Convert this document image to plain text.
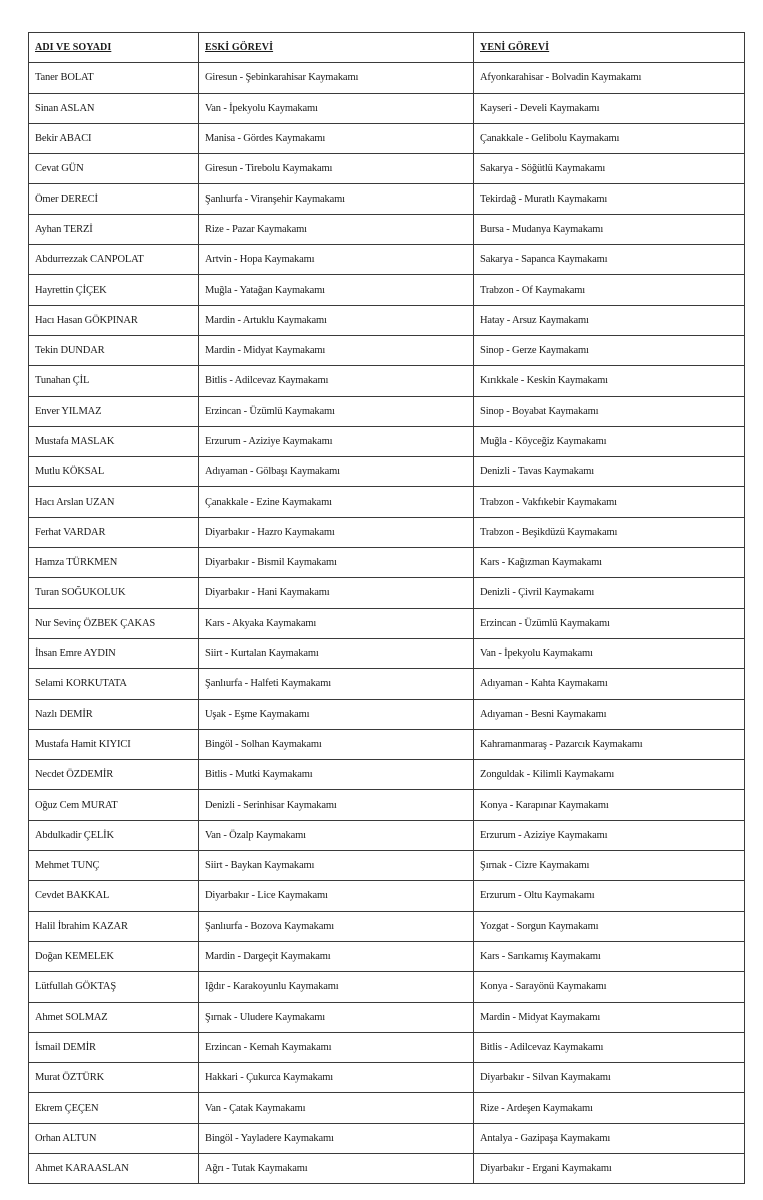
ADI VE SOYADI	ESKİ GÖREVİ	YENİ GÖREVİ
Taner BOLAT	Giresun - Şebinkarahisar Kaymakamı	Afyonkarahisar - Bolvadin Kaymakamı
Sinan ASLAN	Van - İpekyolu Kaymakamı	Kayseri - Develi Kaymakamı
Bekir ABACI	Manisa - Gördes Kaymakamı	Çanakkale - Gelibolu Kaymakamı
Cevat GÜN	Giresun - Tirebolu Kaymakamı	Sakarya - Söğütlü Kaymakamı
Ömer DERECİ	Şanlıurfa - Viranşehir Kaymakamı	Tekirdağ - Muratlı Kaymakamı
Ayhan TERZİ	Rize - Pazar Kaymakamı	Bursa - Mudanya Kaymakamı
Abdurrezzak CANPOLAT	Artvin - Hopa Kaymakamı	Sakarya - Sapanca Kaymakamı
Hayrettin ÇİÇEK	Muğla - Yatağan Kaymakamı	Trabzon - Of Kaymakamı
Hacı Hasan GÖKPINAR	Mardin - Artuklu Kaymakamı	Hatay - Arsuz Kaymakamı
Tekin DUNDAR	Mardin - Midyat Kaymakamı	Sinop - Gerze Kaymakamı
Tunahan ÇİL	Bitlis - Adilcevaz Kaymakamı	Kırıkkale - Keskin Kaymakamı
Enver YILMAZ	Erzincan - Üzümlü Kaymakamı	Sinop - Boyabat Kaymakamı
Mustafa MASLAK	Erzurum - Aziziye Kaymakamı	Muğla - Köyceğiz Kaymakamı
Mutlu KÖKSAL	Adıyaman - Gölbaşı Kaymakamı	Denizli - Tavas Kaymakamı
Hacı Arslan UZAN	Çanakkale - Ezine Kaymakamı	Trabzon - Vakfıkebir Kaymakamı
Ferhat VARDAR	Diyarbakır - Hazro Kaymakamı	Trabzon - Beşikdüzü Kaymakamı
Hamza TÜRKMEN	Diyarbakır - Bismil Kaymakamı	Kars - Kağızman Kaymakamı
Turan SOĞUKOLUK	Diyarbakır - Hani Kaymakamı	Denizli - Çivril Kaymakamı
Nur Sevinç ÖZBEK ÇAKAS	Kars - Akyaka Kaymakamı	Erzincan - Üzümlü Kaymakamı
İhsan Emre AYDIN	Siirt - Kurtalan Kaymakamı	Van - İpekyolu Kaymakamı
Selami KORKUTATA	Şanlıurfa - Halfeti Kaymakamı	Adıyaman - Kahta Kaymakamı
Nazlı DEMİR	Uşak - Eşme Kaymakamı	Adıyaman - Besni Kaymakamı
Mustafa Hamit KIYICI	Bingöl - Solhan Kaymakamı	Kahramanmaraş - Pazarcık Kaymakamı
Necdet ÖZDEMİR	Bitlis - Mutki Kaymakamı	Zonguldak - Kilimli Kaymakamı
Oğuz Cem MURAT	Denizli - Serinhisar Kaymakamı	Konya - Karapınar Kaymakamı
Abdulkadir ÇELİK	Van - Özalp Kaymakamı	Erzurum - Aziziye Kaymakamı
Mehmet TUNÇ	Siirt - Baykan Kaymakamı	Şırnak - Cizre Kaymakamı
Cevdet BAKKAL	Diyarbakır - Lice Kaymakamı	Erzurum - Oltu Kaymakamı
Halil İbrahim KAZAR	Şanlıurfa - Bozova Kaymakamı	Yozgat - Sorgun Kaymakamı
Doğan KEMELEK	Mardin - Dargeçit Kaymakamı	Kars - Sarıkamış Kaymakamı
Lütfullah GÖKTAŞ	Iğdır - Karakoyunlu Kaymakamı	Konya - Sarayönü Kaymakamı
Ahmet SOLMAZ	Şırnak - Uludere Kaymakamı	Mardin - Midyat Kaymakamı
İsmail DEMİR	Erzincan - Kemah Kaymakamı	Bitlis - Adilcevaz Kaymakamı
Murat ÖZTÜRK	Hakkari - Çukurca Kaymakamı	Diyarbakır - Silvan Kaymakamı
Ekrem ÇEÇEN	Van - Çatak Kaymakamı	Rize - Ardeşen Kaymakamı
Orhan ALTUN	Bingöl - Yayladere Kaymakamı	Antalya - Gazipaşa Kaymakamı
Ahmet KARAASLAN	Ağrı - Tutak Kaymakamı	Diyarbakır - Ergani Kaymakamı
